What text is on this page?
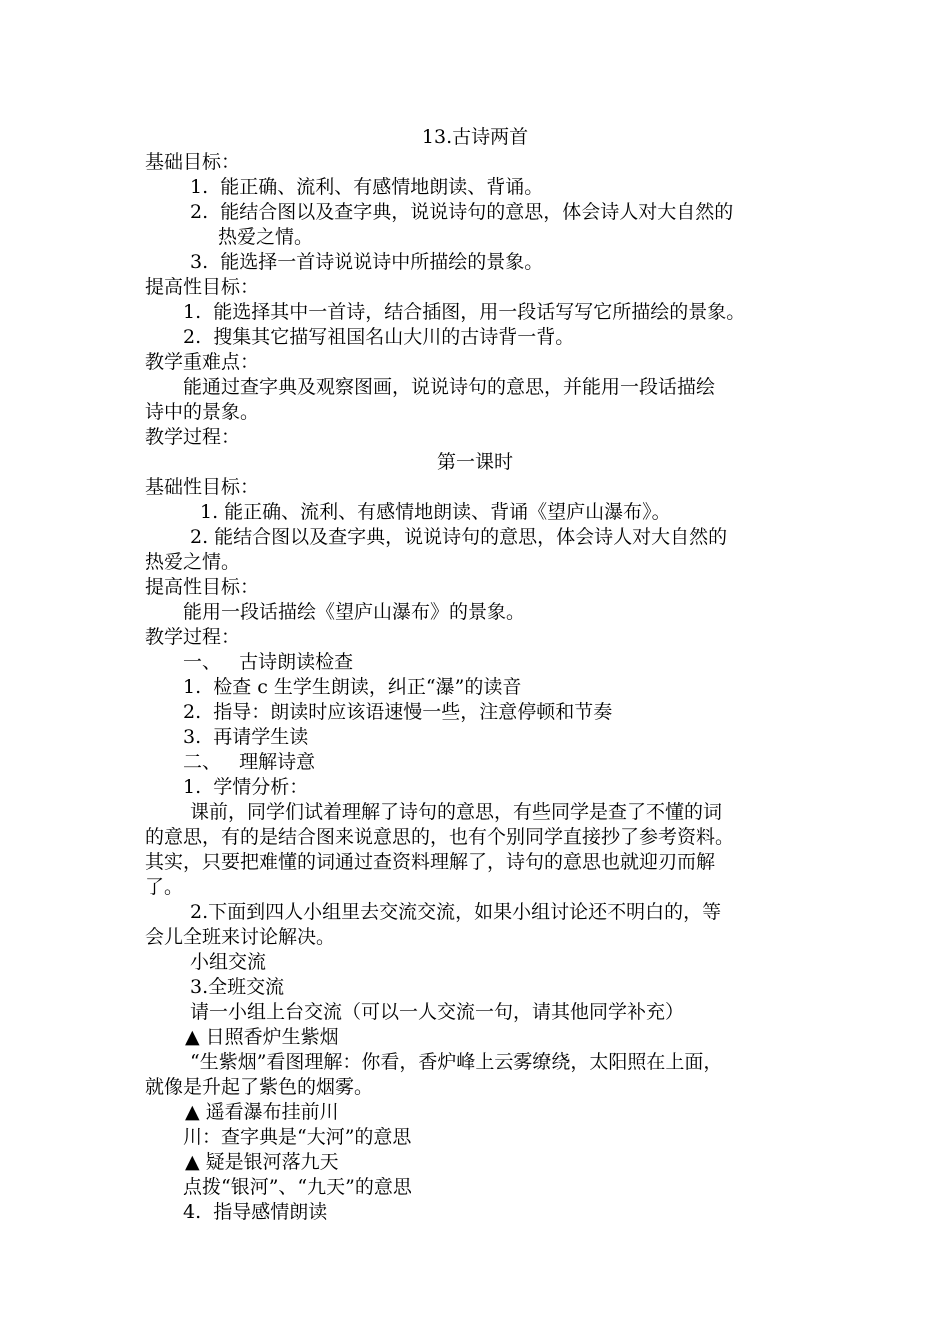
13.古诗两首
基础目标：
1.  能正确、流利、有感情地朗读、背诵。
2.  能结合图以及查字典，说说诗句的意思，体会诗人对大自然的
热爱之情。
3.  能选择一首诗说说诗中所描绘的景象。
提高性目标：
1.  能选择其中一首诗，结合插图，用一段话写写它所描绘的景象。
2.  搜集其它描写祖国名山大川的古诗背一背。
教学重难点：
能通过查字典及观察图画，说说诗句的意思，并能用一段话描绘
诗中的景象。
教学过程：
第一课时
基础性目标：
1. 能正确、流利、有感情地朗读、背诵《望庐山瀑布》。
2. 能结合图以及查字典，说说诗句的意思，体会诗人对大自然的
热爱之情。
提高性目标：
能用一段话描绘《望庐山瀑布》的景象。
教学过程：
一、   古诗朗读检查
1.  检查 c 生学生朗读，纠正“瀑”的读音
2.  指导：朗读时应该语速慢一些，注意停顿和节奏
3.  再请学生读
二、   理解诗意
1.  学情分析：
课前，同学们试着理解了诗句的意思，有些同学是查了不懂的词
的意思，有的是结合图来说意思的，也有个别同学直接抄了参考资料。
其实，只要把难懂的词通过查资料理解了，诗句的意思也就迎刃而解
了。
2.下面到四人小组里去交流交流，如果小组讨论还不明白的，等
会儿全班来讨论解决。
小组交流
3.全班交流
请一小组上台交流（可以一人交流一句，请其他同学补充）
▲ 日照香炉生紫烟
“生紫烟”看图理解：你看，香炉峰上云雾缭绕，太阳照在上面，
就像是升起了紫色的烟雾。
▲ 遥看瀑布挂前川
川：查字典是“大河”的意思
▲ 疑是银河落九天
点拨“银河”、“九天”的意思
4.  指导感情朗读
